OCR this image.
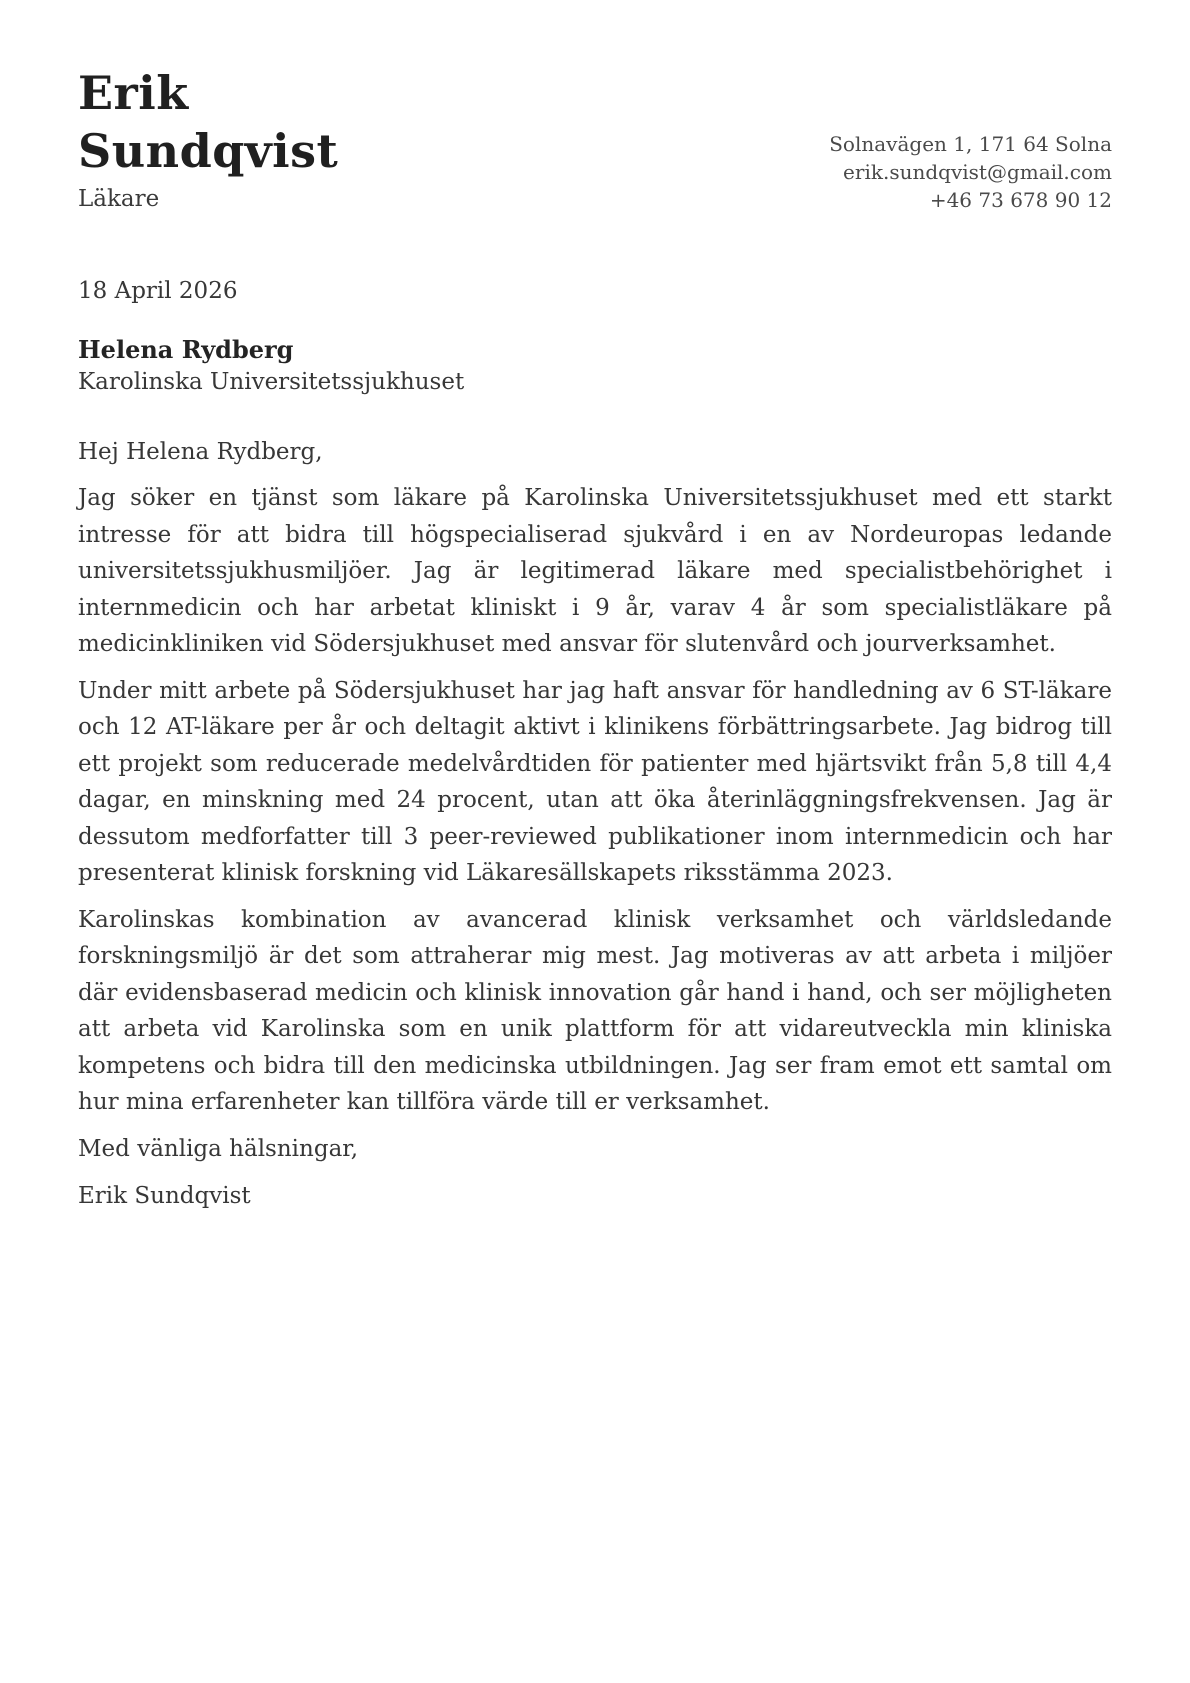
Erik
Sundqvist
Läkare
Solnavägen 1, 171 64 Solna
erik.sundqvist@gmail.com
+46 73 678 90 12
18 April 2026
Helena Rydberg
Karolinska Universitetssjukhuset

Hej Helena Rydberg,

Jag söker en tjänst som läkare på Karolinska Universitetssjukhuset med ett starkt intresse för att bidra till högspecialiserad sjukvård i en av Nordeuropas ledande universitetssjukhusmiljöer. Jag är legitimerad läkare med specialistbehörighet i internmedicin och har arbetat kliniskt i 9 år, varav 4 år som specialistläkare på medicinkliniken vid Södersjukhuset med ansvar för slutenvård och jourverksamhet.

Under mitt arbete på Södersjukhuset har jag haft ansvar för handledning av 6 ST-läkare och 12 AT-läkare per år och deltagit aktivt i klinikens förbättringsarbete. Jag bidrog till ett projekt som reducerade medelvårdtiden för patienter med hjärtsvikt från 5,8 till 4,4 dagar, en minskning med 24 procent, utan att öka återinläggningsfrekvensen. Jag är dessutom medforfatter till 3 peer-reviewed publikationer inom internmedicin och har presenterat klinisk forskning vid Läkaresällskapets riksstämma 2023.

Karolinskas kombination av avancerad klinisk verksamhet och världsledande forskningsmiljö är det som attraherar mig mest. Jag motiveras av att arbeta i miljöer där evidensbaserad medicin och klinisk innovation går hand i hand, och ser möjligheten att arbeta vid Karolinska som en unik plattform för att vidareutveckla min kliniska kompetens och bidra till den medicinska utbildningen. Jag ser fram emot ett samtal om hur mina erfarenheter kan tillföra värde till er verksamhet.

Med vänliga hälsningar,

Erik Sundqvist
